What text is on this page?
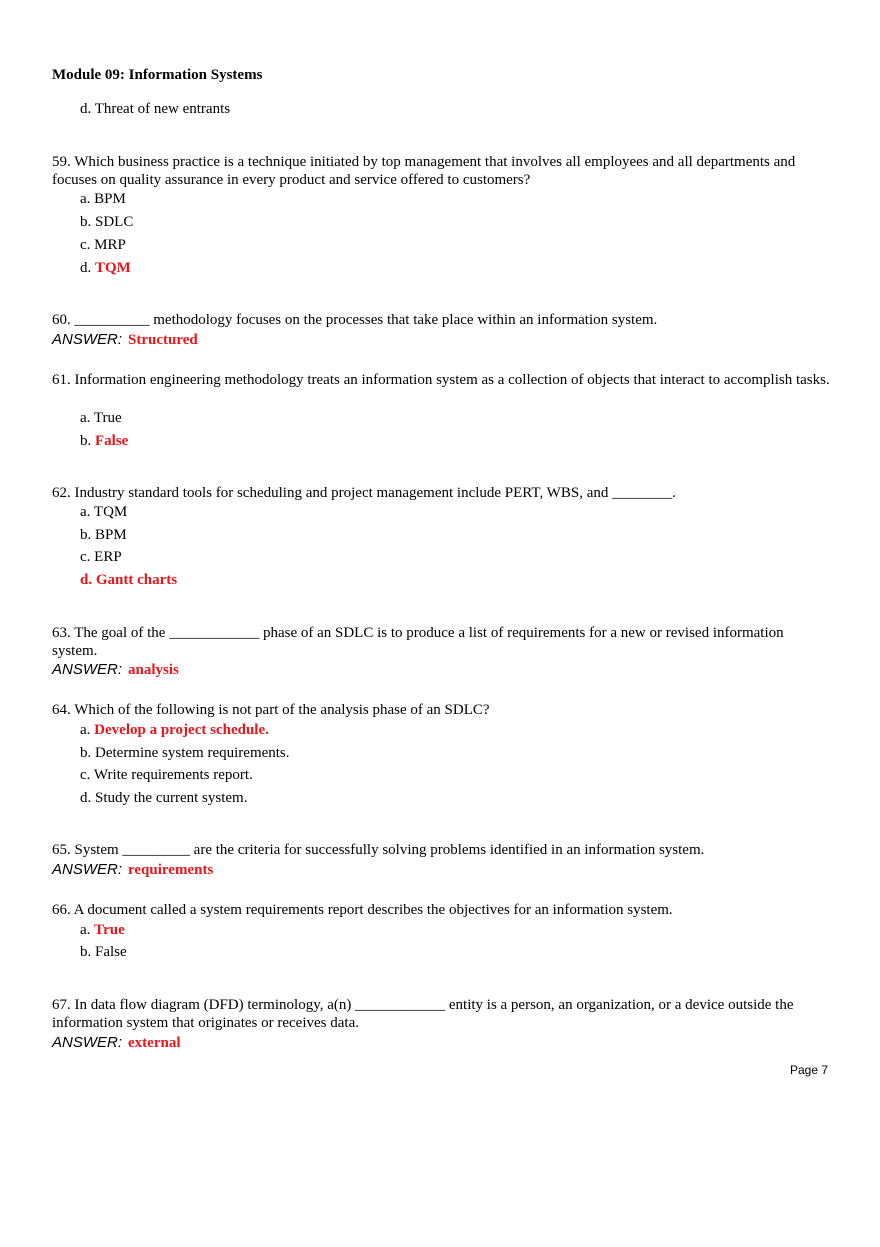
Module 09: Information Systems
d. Threat of new entrants
59. Which business practice is a technique initiated by top management that involves all employees and all departments and focuses on quality assurance in every product and service offered to customers?
a. BPM
b. SDLC
c. MRP
d. TQM
60. __________ methodology focuses on the processes that take place within an information system.
ANSWER: Structured
61. Information engineering methodology treats an information system as a collection of objects that interact to accomplish tasks.
a. True
b. False
62. Industry standard tools for scheduling and project management include PERT, WBS, and ________.
a. TQM
b. BPM
c. ERP
d. Gantt charts
63. The goal of the ____________ phase of an SDLC is to produce a list of requirements for a new or revised information system.
ANSWER: analysis
64. Which of the following is not part of the analysis phase of an SDLC?
a. Develop a project schedule.
b. Determine system requirements.
c. Write requirements report.
d. Study the current system.
65. System _________ are the criteria for successfully solving problems identified in an information system.
ANSWER: requirements
66. A document called a system requirements report describes the objectives for an information system.
a. True
b. False
67. In data flow diagram (DFD) terminology, a(n) ____________ entity is a person, an organization, or a device outside the information system that originates or receives data.
ANSWER: external
Page 7
